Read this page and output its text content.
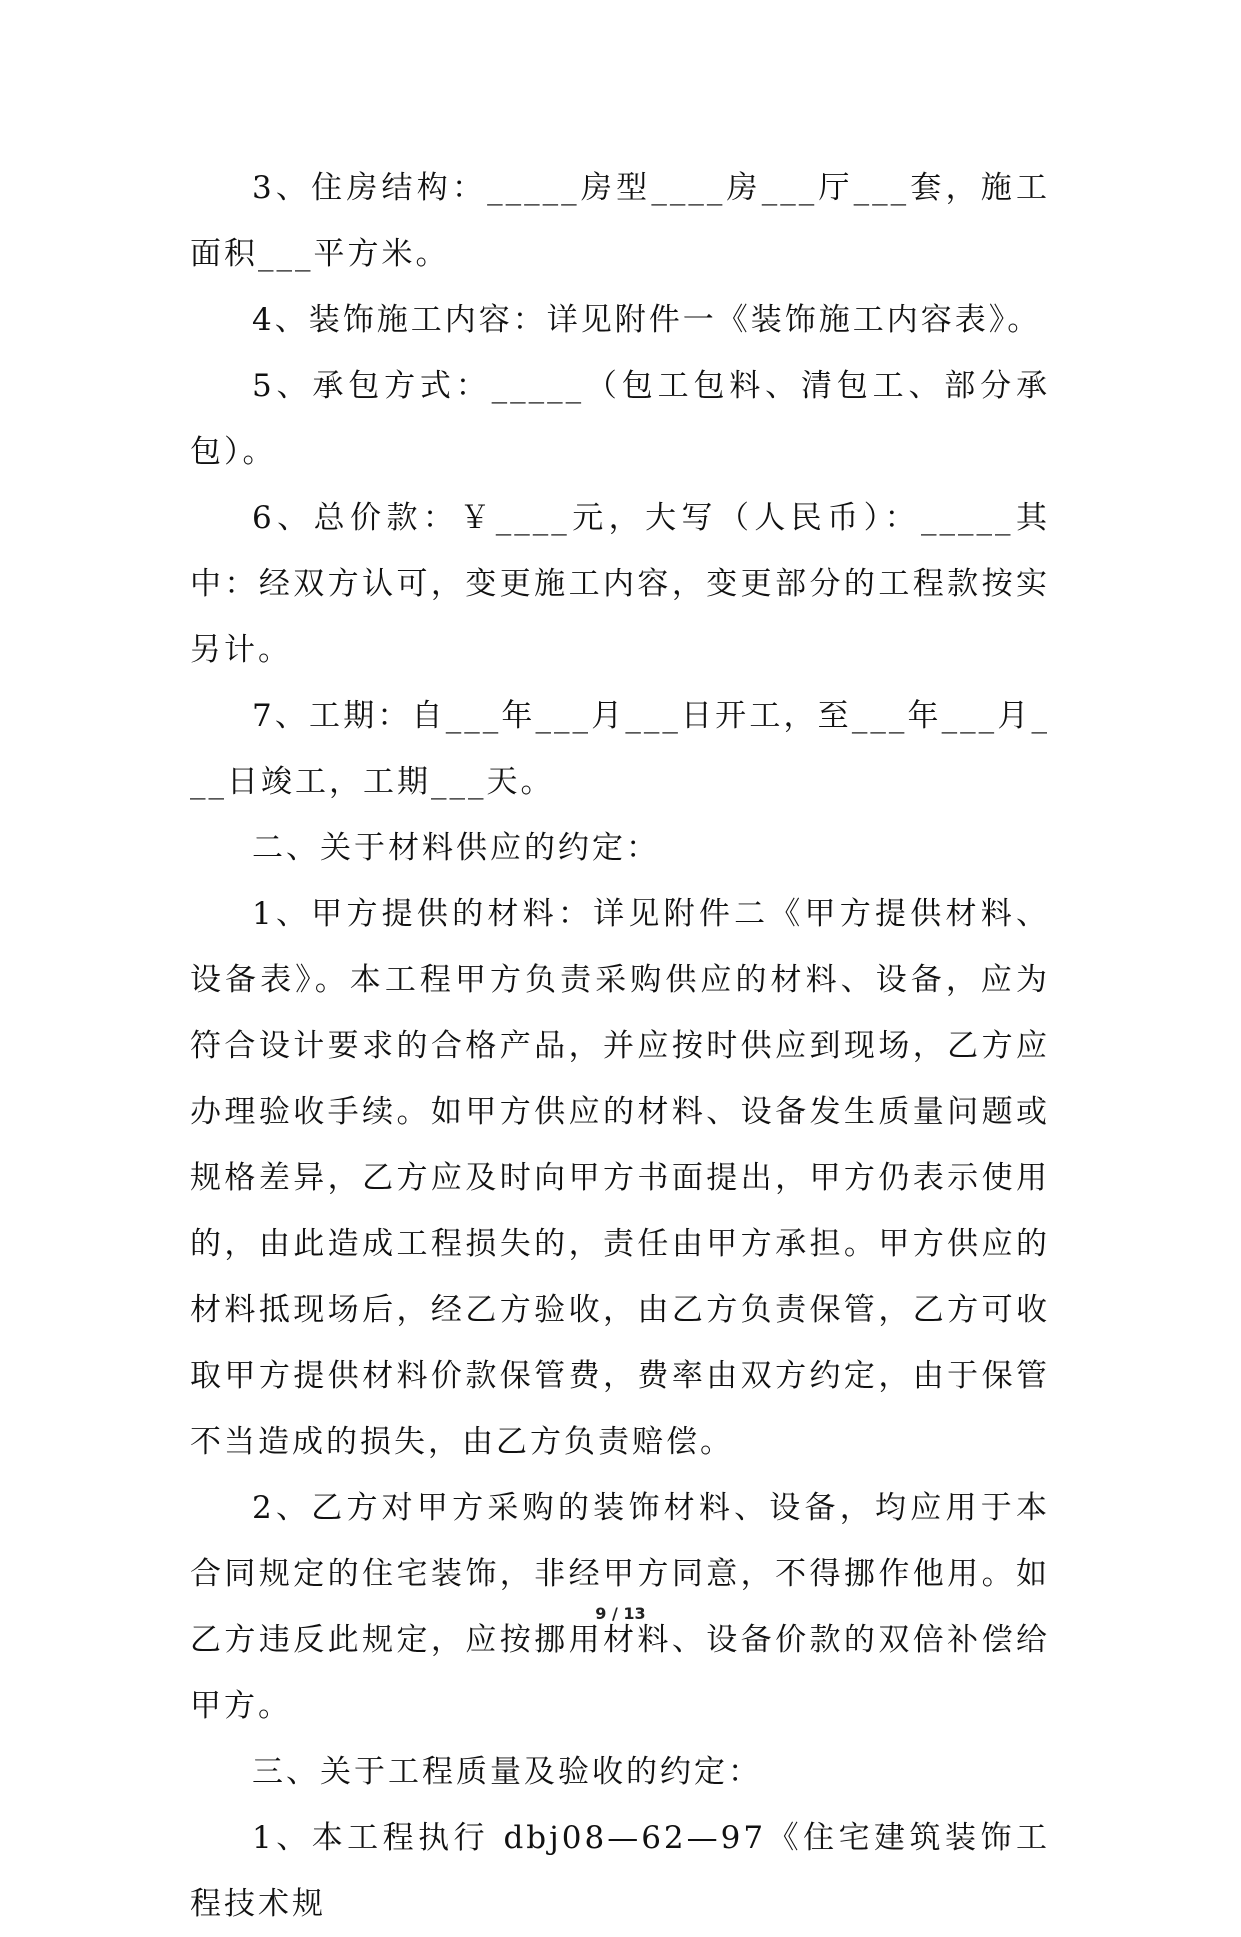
3、住房结构：_____房型____房___厅___套，施工面积___平方米。

4、装饰施工内容：详见附件一《装饰施工内容表》。

5、承包方式：_____（包工包料、清包工、部分承包）。

6、总价款：￥____元，大写（人民币）：_____其中：经双方认可，变更施工内容，变更部分的工程款按实另计。

7、工期：自___年___月___日开工，至___年___月___日竣工，工期___天。

二、关于材料供应的约定：

1、甲方提供的材料：详见附件二《甲方提供材料、设备表》。本工程甲方负责采购供应的材料、设备，应为符合设计要求的合格产品，并应按时供应到现场，乙方应办理验收手续。如甲方供应的材料、设备发生质量问题或规格差异，乙方应及时向甲方书面提出，甲方仍表示使用的，由此造成工程损失的，责任由甲方承担。甲方供应的材料抵现场后，经乙方验收，由乙方负责保管，乙方可收取甲方提供材料价款保管费，费率由双方约定，由于保管不当造成的损失，由乙方负责赔偿。

2、乙方对甲方采购的装饰材料、设备，均应用于本合同规定的住宅装饰，非经甲方同意，不得挪作他用。如乙方违反此规定，应按挪用材料、设备价款的双倍补偿给甲方。

三、关于工程质量及验收的约定：

1、本工程执行 dbj08—62—97《住宅建筑装饰工程技术规

9 / 13
